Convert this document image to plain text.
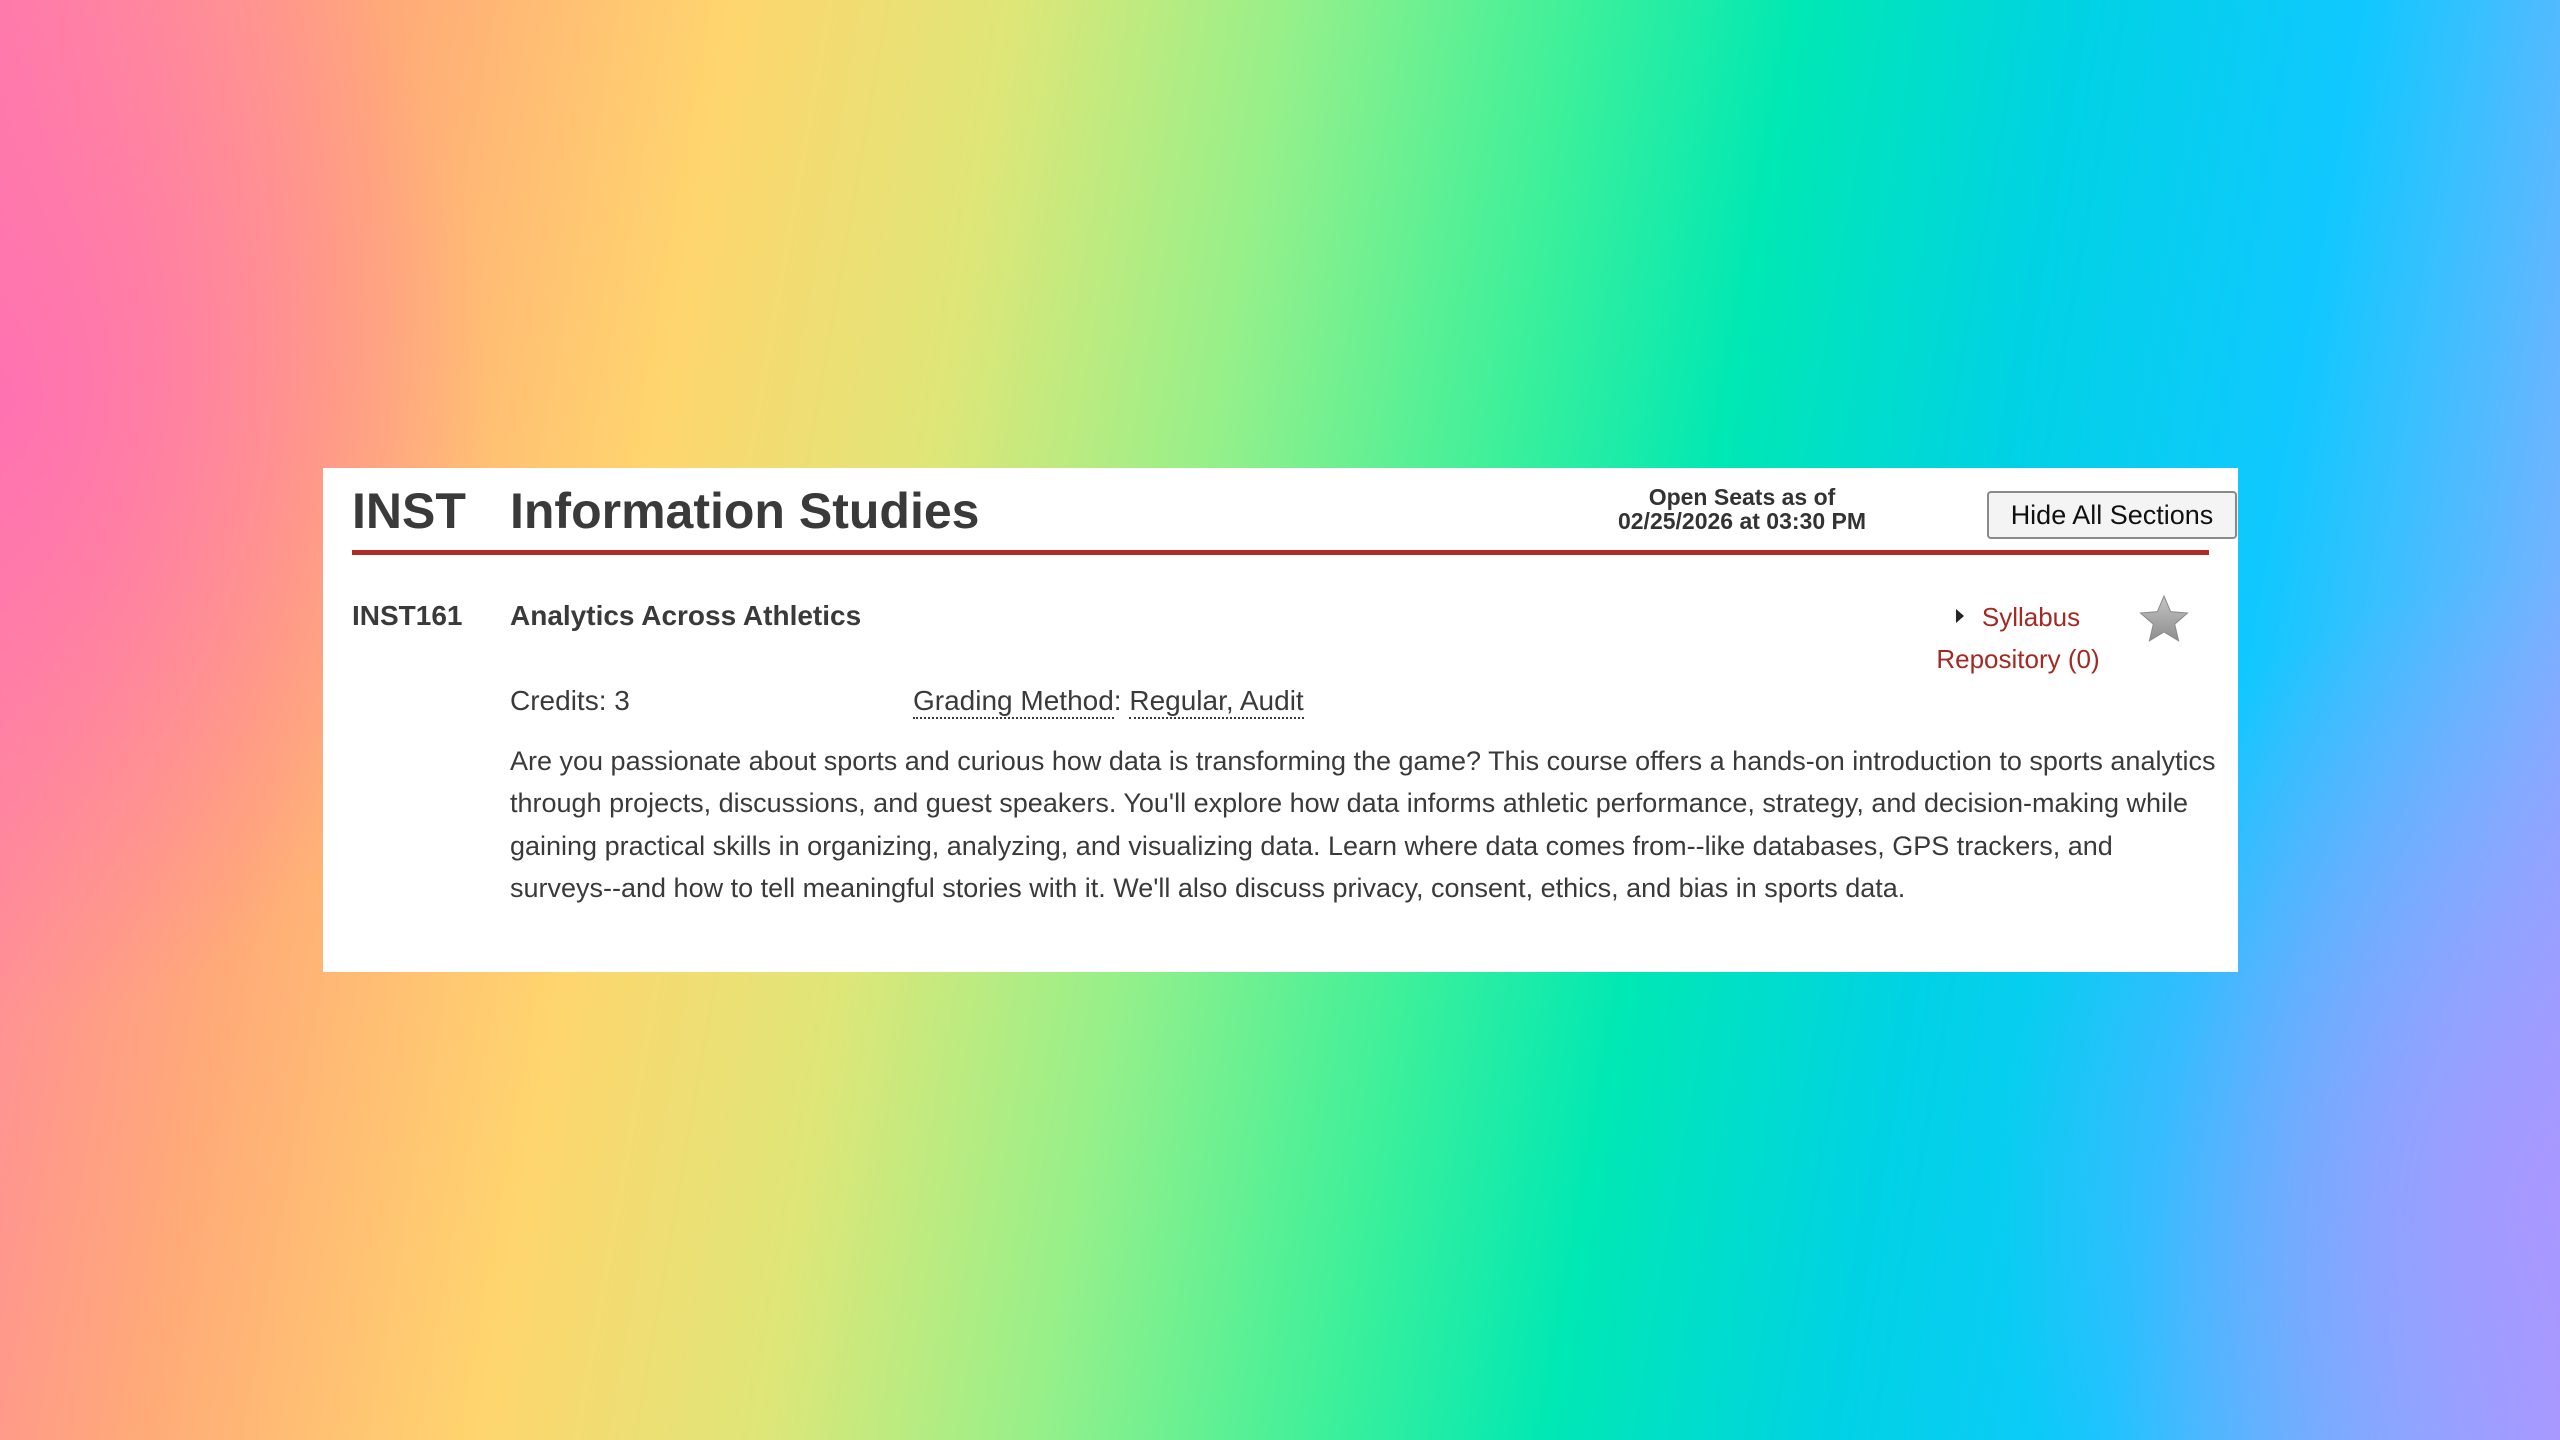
INST Information Studies	Open Seats as of
02/25/2026 at 03:30 PM	Hide All Sections
INST161 Analytics Across Athletics	Syllabus
Repository (0)
Credits: 3	Grading Method: Regular, Audit

Are you passionate about sports and curious how data is transforming the game? This course offers a hands-on introduction to sports analytics through projects, discussions, and guest speakers. You'll explore how data informs athletic performance, strategy, and decision-making while gaining practical skills in organizing, analyzing, and visualizing data. Learn where data comes from--like databases, GPS trackers, and surveys--and how to tell meaningful stories with it. We'll also discuss privacy, consent, ethics, and bias in sports data.
